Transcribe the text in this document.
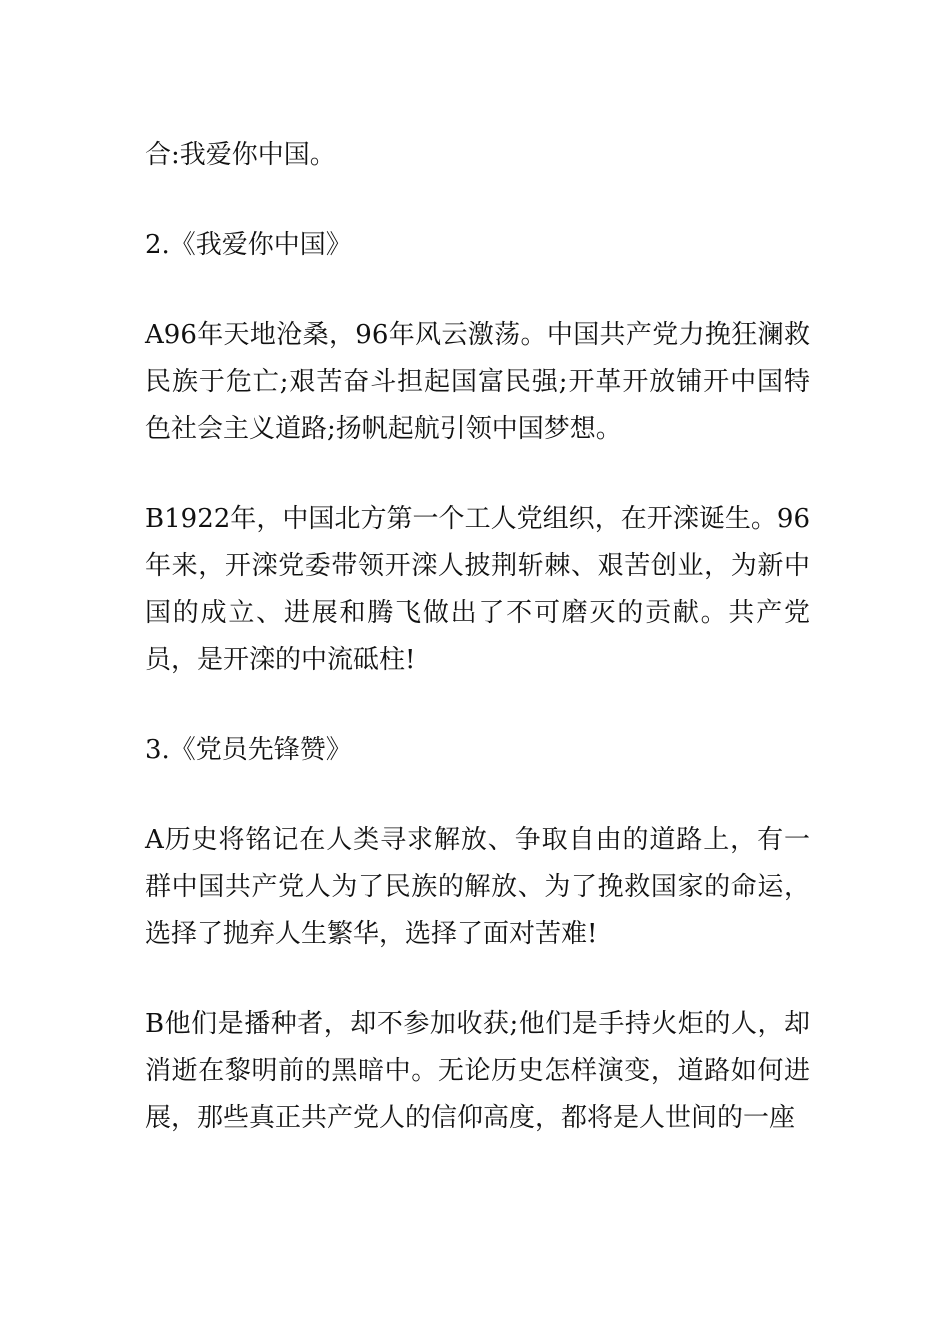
合:我爱你中国。

2.《我爱你中国》

A96年天地沧桑，96年风云激荡。中国共产党力挽狂澜救民族于危亡;艰苦奋斗担起国富民强;开革开放铺开中国特色社会主义道路;扬帆起航引领中国梦想。

B1922年，中国北方第一个工人党组织，在开滦诞生。96年来，开滦党委带领开滦人披荆斩棘、艰苦创业，为新中国的成立、进展和腾飞做出了不可磨灭的贡献。共产党员，是开滦的中流砥柱!

3.《党员先锋赞》

A历史将铭记在人类寻求解放、争取自由的道路上，有一群中国共产党人为了民族的解放、为了挽救国家的命运，选择了抛弃人生繁华，选择了面对苦难!

B他们是播种者，却不参加收获;他们是手持火炬的人，却消逝在黎明前的黑暗中。无论历史怎样演变，道路如何进展，那些真正共产党人的信仰高度，都将是人世间的一座
